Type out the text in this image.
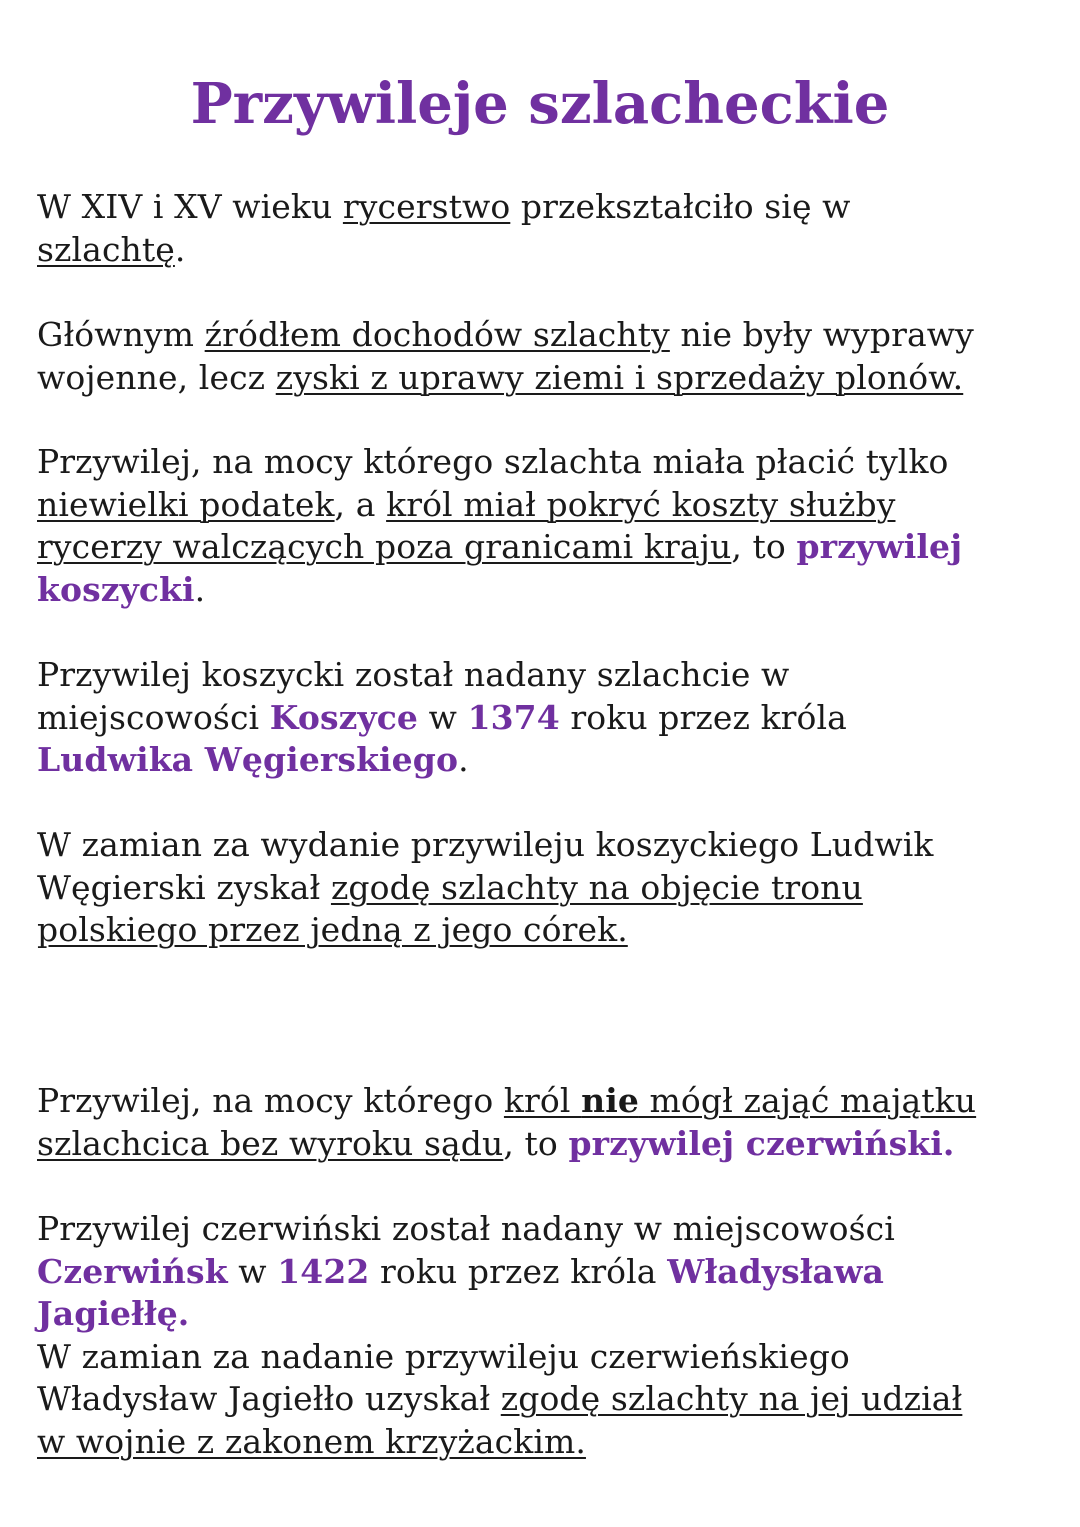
Przywileje szlacheckie

W XIV i XV wieku rycerstwo przekształciło się w
szlachtę.

Głównym źródłem dochodów szlachty nie były wyprawy
wojenne, lecz zyski z uprawy ziemi i sprzedaży plonów.

Przywilej, na mocy którego szlachta miała płacić tylko
niewielki podatek, a król miał pokryć koszty służby
rycerzy walczących poza granicami kraju, to przywilej
koszycki.

Przywilej koszycki został nadany szlachcie w
miejscowości Koszyce w 1374 roku przez króla
Ludwika Węgierskiego.

W zamian za wydanie przywileju koszyckiego Ludwik
Węgierski zyskał zgodę szlachty na objęcie tronu
polskiego przez jedną z jego córek.

Przywilej, na mocy którego król nie mógł zająć majątku
szlachcica bez wyroku sądu, to przywilej czerwiński.

Przywilej czerwiński został nadany w miejscowości
Czerwińsk w 1422 roku przez króla Władysława
Jagiełłę.
W zamian za nadanie przywileju czerwieńskiego
Władysław Jagiełło uzyskał zgodę szlachty na jej udział
w wojnie z zakonem krzyżackim.
